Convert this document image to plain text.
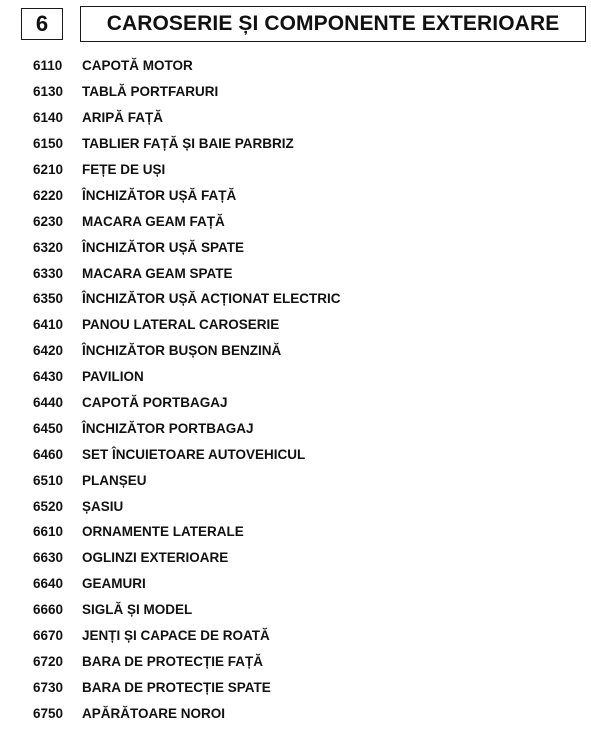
6	CAROSERIE ȘI COMPONENTE EXTERIOARE
6110	CAPOTĂ MOTOR
6130	TABLĂ PORTFARURI
6140	ARIPĂ FAȚĂ
6150	TABLIER FAȚĂ ȘI BAIE PARBRIZ
6210	FEȚE DE UȘI
6220	ÎNCHIZĂTOR UȘĂ FAȚĂ
6230	MACARA GEAM FAȚĂ
6320	ÎNCHIZĂTOR UȘĂ SPATE
6330	MACARA GEAM SPATE
6350	ÎNCHIZĂTOR UȘĂ ACȚIONAT ELECTRIC
6410	PANOU LATERAL CAROSERIE
6420	ÎNCHIZĂTOR BUȘON BENZINĂ
6430	PAVILION
6440	CAPOTĂ PORTBAGAJ
6450	ÎNCHIZĂTOR PORTBAGAJ
6460	SET ÎNCUIETOARE AUTOVEHICUL
6510	PLANȘEU
6520	ȘASIU
6610	ORNAMENTE LATERALE
6630	OGLINZI EXTERIOARE
6640	GEAMURI
6660	SIGLĂ ȘI MODEL
6670	JENȚI ȘI CAPACE DE ROATĂ
6720	BARA DE PROTECȚIE FAȚĂ
6730	BARA DE PROTECȚIE SPATE
6750	APĂRĂTOARE NOROI
